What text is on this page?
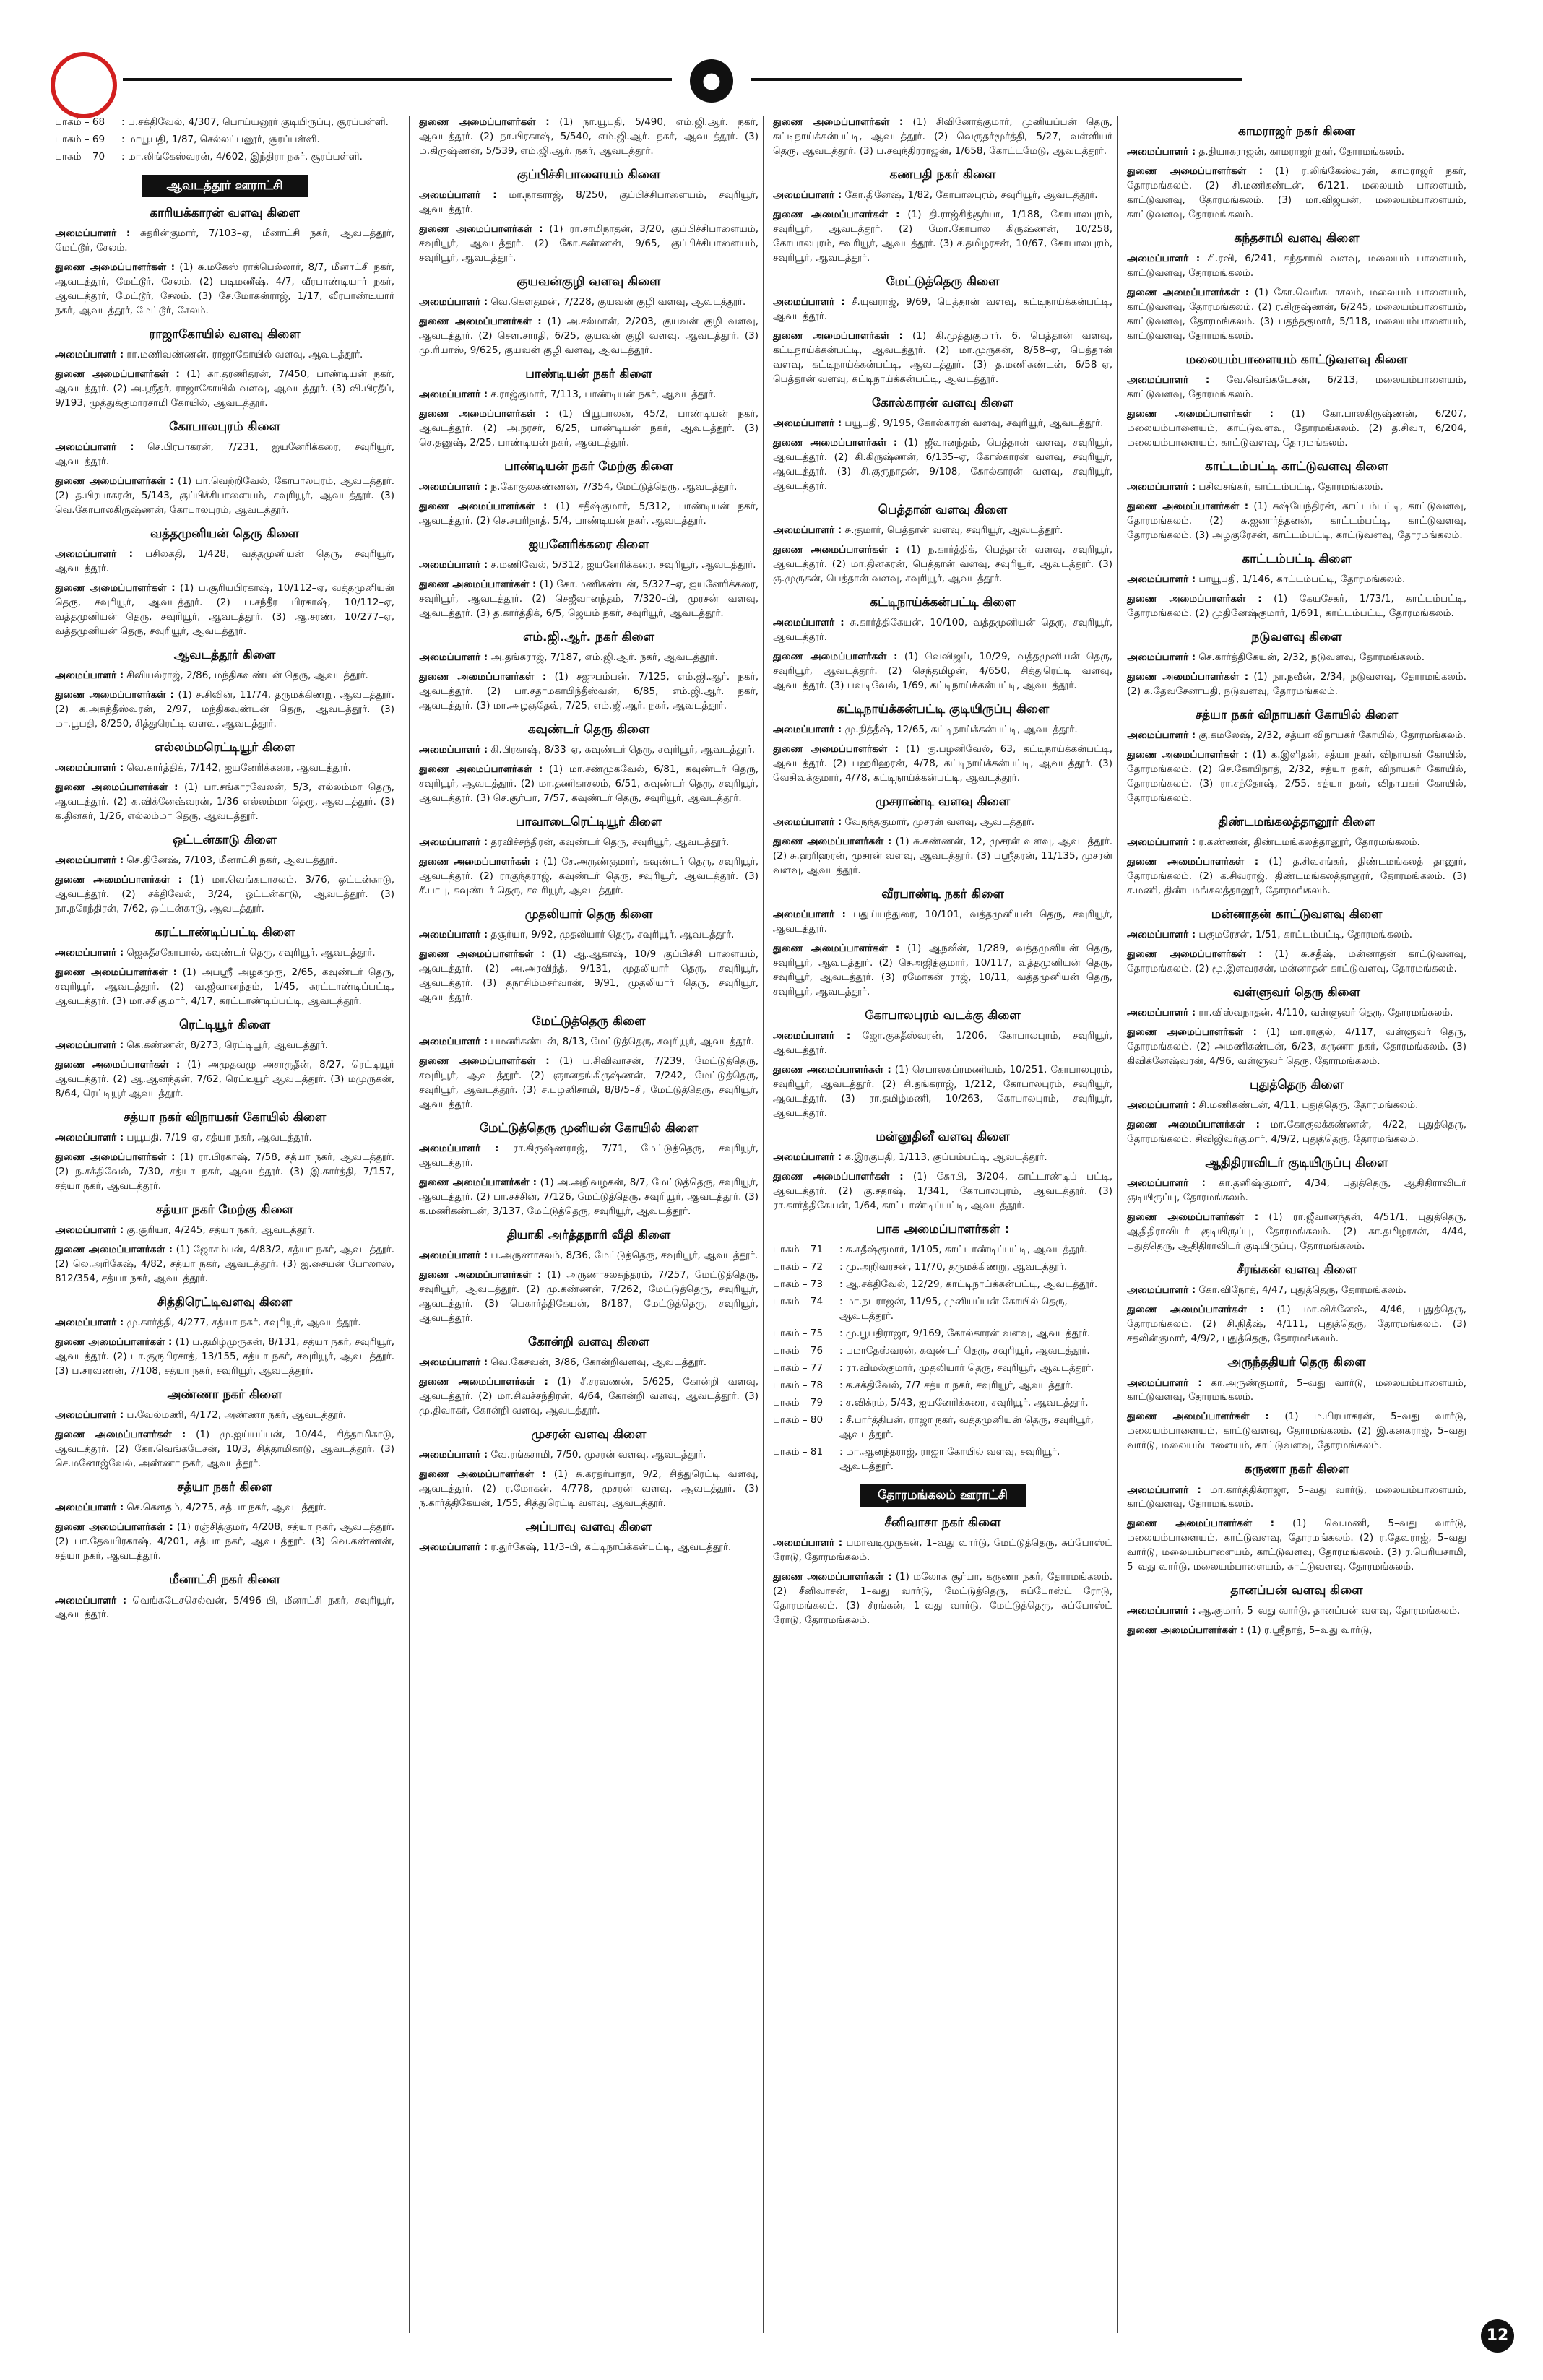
●
பாகம் – 68	: ப.சக்திவேல், 4/307, பொய்யனூர் குடியிருப்பு, சூரப்பள்ளி.
பாகம் – 69	: மாயூபதி, 1/87, செல்லப்பனூர், சூரப்பள்ளி.
பாகம் – 70	: மா.லிங்கேஸ்வரன், 4/602, இந்திரா நகர், சூரப்பள்ளி.
ஆவடத்தூர் ஊராட்சி
காரியக்காரன் வளவு கிளை

அமைப்பாளர் : சுதரின்குமார், 7/103–ஏ, மீனாட்சி நகர், ஆவடத்தூர், மேட்டூர், சேலம்.

துணை அமைப்பாளர்கள் : (1) சு.மகேஸ் ராக்பெல்லார், 8/7, மீனாட்சி நகர், ஆவடத்தூர், மேட்டூர், சேலம். (2) படிமணீஷ், 4/7, வீரபாண்டியார் நகர், ஆவடத்தூர், மேட்டூர், சேலம். (3) சே.மோகன்ராஜ், 1/17, வீரபாண்டியார் நகர், ஆவடத்தூர், மேட்டூர், சேலம்.

ராஜாகோயில் வளவு கிளை

அமைப்பாளர் : ரா.மணிவண்ணன், ராஜாகோயில் வளவு, ஆவடத்தூர்.

துணை அமைப்பாளர்கள் : (1) கா.தரணிதரன், 7/450, பாண்டியன் நகர், ஆவடத்தூர். (2) அ.ஸ்ரீதர், ராஜாகோயில் வளவு, ஆவடத்தூர். (3) வி.பிரதீப், 9/193, முத்துக்குமாரசாமி கோயில், ஆவடத்தூர்.

கோபாலபுரம் கிளை

அமைப்பாளர் : செ.பிரபாகரன், 7/231, ஐயனேரிக்கரை, சவுரியூர், ஆவடத்தூர்.

துணை அமைப்பாளர்கள் : (1) பா.வெற்றிவேல், கோபாலபுரம், ஆவடத்தூர். (2) த.பிரபாகரன், 5/143, குப்பிச்சிபாளையம், சவுரியூர், ஆவடத்தூர். (3) வெ.கோபாலகிருஷ்ணன், கோபாலபுரம், ஆவடத்தூர்.

வத்தமுனியன் தெரு கிளை

அமைப்பாளர் : பசிலகதி, 1/428, வத்தமுனியன் தெரு, சவுரியூர், ஆவடத்தூர்.

துணை அமைப்பாளர்கள் : (1) ப.சூரியபிரகாஷ், 10/112–ஏ, வத்தமுனியன் தெரு, சவுரியூர், ஆவடத்தூர். (2) ப.சந்தீர பிரகாஷ், 10/112–ஏ, வத்தமுனியன் தெரு, சவுரியூர், ஆவடத்தூர். (3) ஆ.சரண், 10/277–ஏ, வத்தமுனியன் தெரு, சவுரியூர், ஆவடத்தூர்.

ஆவடத்தூர் கிளை

அமைப்பாளர் : சிவியல்ராஜ், 2/86, மந்திகவுண்டன் தெரு, ஆவடத்தூர்.

துணை அமைப்பாளர்கள் : (1) ச.சிவின், 11/74, தருமக்கிணறு, ஆவடத்தூர். (2) க.அசுந்தீஸ்வரன், 2/97, மந்திகவுண்டன் தெரு, ஆவடத்தூர். (3) மா.பூபதி, 8/250, சித்துரெட்டி வளவு, ஆவடத்தூர்.

எல்லம்மரெட்டியூர் கிளை

அமைப்பாளர் : வெ.கார்த்திக், 7/142, ஐயனேரிக்கரை, ஆவடத்தூர்.

துணை அமைப்பாளர்கள் : (1) பா.சங்காரவேலன், 5/3, எல்லம்மா தெரு, ஆவடத்தூர். (2) க.விக்னேஷ்வரன், 1/36 எல்லம்மா தெரு, ஆவடத்தூர். (3) க.தினகர், 1/26, எல்லம்மா தெரு, ஆவடத்தூர்.

ஒட்டன்காடு கிளை

அமைப்பாளர் : செ.தினேஷ், 7/103, மீனாட்சி நகர், ஆவடத்தூர்.

துணை அமைப்பாளர்கள் : (1) மா.வெங்கடாசலம், 3/76, ஒட்டன்காடு, ஆவடத்தூர். (2) சக்திவேல், 3/24, ஒட்டன்காடு, ஆவடத்தூர். (3) நா.நரேந்திரன், 7/62, ஒட்டன்காடு, ஆவடத்தூர்.

கரட்டாண்டிப்பட்டி கிளை

அமைப்பாளர் : ஜெகதீசகோபால், கவுண்டர் தெரு, சவுரியூர், ஆவடத்தூர்.

துணை அமைப்பாளர்கள் : (1) அபஸ்ரீ அழகமுரு, 2/65, கவுண்டர் தெரு, சவுரியூர், ஆவடத்தூர். (2) வ.ஜீவானந்தம், 1/45, கரட்டாண்டிப்பட்டி, ஆவடத்தூர். (3) மா.சசிகுமார், 4/17, கரட்டாண்டிப்பட்டி, ஆவடத்தூர்.

ரெட்டியூர் கிளை

அமைப்பாளர் : கெ.கண்ணன், 8/273, ரெட்டியூர், ஆவடத்தூர்.

துணை அமைப்பாளர்கள் : (1) அமுதவழு அசாருதீன், 8/27, ரெட்டியூர் ஆவடத்தூர். (2) ஆ.ஆனந்தன், 7/62, ரெட்டியூர் ஆவடத்தூர். (3) மமுருகன், 8/64, ரெட்டியூர் ஆவடத்தூர்.

சத்யா நகர் விநாயகர் கோயில் கிளை

அமைப்பாளர் : பயூபதி, 7/19–ஏ, சத்யா நகர், ஆவடத்தூர்.

துணை அமைப்பாளர்கள் : (1) ரா.பிரகாஷ், 7/58, சத்யா நகர், ஆவடத்தூர். (2) ந.சக்திவேல், 7/30, சத்யா நகர், ஆவடத்தூர். (3) இ.கார்த்தி, 7/157, சத்யா நகர், ஆவடத்தூர்.

சத்யா நகர் மேற்கு கிளை

அமைப்பாளர் : கு.சூரியா, 4/245, சத்யா நகர், ஆவடத்தூர்.

துணை அமைப்பாளர்கள் : (1) ஜோசம்பன், 4/83/2, சத்யா நகர், ஆவடத்தூர். (2) லெ.அரிகேஷ், 4/82, சத்யா நகர், ஆவடத்தூர். (3) ஐ.சையன் போலாஸ், 812/354, சத்யா நகர், ஆவடத்தூர்.

சித்திரெட்டிவளவு கிளை

அமைப்பாளர் : மு.கார்த்தி, 4/277, சத்யா நகர், சவுரியூர், ஆவடத்தூர்.

துணை அமைப்பாளர்கள் : (1) ப.தமிழ்முருகன், 8/131, சத்யா நகர், சவுரியூர், ஆவடத்தூர். (2) பா.குருபிரசாத், 13/155, சத்யா நகர், சவுரியூர், ஆவடத்தூர். (3) ப.சரவணன், 7/108, சத்யா நகர், சவுரியூர், ஆவடத்தூர்.

அண்ணா நகர் கிளை

அமைப்பாளர் : ப.வேல்மணி, 4/172, அண்ணா நகர், ஆவடத்தூர்.

துணை அமைப்பாளர்கள் : (1) மு.ஐய்யப்பன், 10/44, சித்தாமிகாடு, ஆவடத்தூர். (2) கோ.வெங்கடேசன், 10/3, சித்தாமிகாடு, ஆவடத்தூர். (3) செ.மனோஜ்வேல், அண்ணா நகர், ஆவடத்தூர்.

சத்யா நகர் கிளை

அமைப்பாளர் : செ.கௌதம், 4/275, சத்யா நகர், ஆவடத்தூர்.

துணை அமைப்பாளர்கள் : (1) ரஞ்சித்குமர், 4/208, சத்யா நகர், ஆவடத்தூர். (2) பா.தேவபிரகாஷ், 4/201, சத்யா நகர், ஆவடத்தூர். (3) வெ.கண்ணன், சத்யா நகர், ஆவடத்தூர்.

மீனாட்சி நகர் கிளை

அமைப்பாளர் : வெங்கடேசசெல்வன், 5/496–பி, மீனாட்சி நகர், சவுரியூர், ஆவடத்தூர்.

துணை அமைப்பாளர்கள் : (1) நா.யூபதி, 5/490, எம்.ஜி.ஆர். நகர், ஆவடத்தூர். (2) நா.பிரகாஷ், 5/540, எம்.ஜி.ஆர். நகர், ஆவடத்தூர். (3) ம.கிருஷ்ணன், 5/539, எம்.ஜி.ஆர். நகர், ஆவடத்தூர்.

குப்பிச்சிபாளையம் கிளை

அமைப்பாளர் : மா.நாகராஜ், 8/250, குப்பிச்சிபாளையம், சவுரியூர், ஆவடத்தூர்.

துணை அமைப்பாளர்கள் : (1) ரா.சாமிநாதன், 3/20, குப்பிச்சிபாளையம், சவுரியூர், ஆவடத்தூர். (2) கோ.கண்ணன், 9/65, குப்பிச்சிபாளையம், சவுரியூர், ஆவடத்தூர்.

குயவன்குழி வளவு கிளை

அமைப்பாளர் : வெ.கௌதமன், 7/228, குயவன் குழி வளவு, ஆவடத்தூர்.

துணை அமைப்பாளர்கள் : (1) அ.சல்மான், 2/203, குயவன் குழி வளவு, ஆவடத்தூர். (2) செள.சாரதி, 6/25, குயவன் குழி வளவு, ஆவடத்தூர். (3) மு.ரியாஸ், 9/625, குயவன் குழி வளவு, ஆவடத்தூர்.

பாண்டியன் நகர் கிளை

அமைப்பாளர் : ச.ராஜ்குமார், 7/113, பாண்டியன் நகர், ஆவடத்தூர்.

துணை அமைப்பாளர்கள் : (1) பியூபாலன், 45/2, பாண்டியன் நகர், ஆவடத்தூர். (2) அ.நரசர், 6/25, பாண்டியன் நகர், ஆவடத்தூர். (3) செ.தனுஷ், 2/25, பாண்டியன் நகர், ஆவடத்தூர்.

பாண்டியன் நகர் மேற்கு கிளை

அமைப்பாளர் : ந.கோகுலகண்ணன், 7/354, மேட்டுத்தெரு, ஆவடத்தூர்.

துணை அமைப்பாளர்கள் : (1) சதீஷ்குமார், 5/312, பாண்டியன் நகர், ஆவடத்தூர். (2) செ.சபரிநாத், 5/4, பாண்டியன் நகர், ஆவடத்தூர்.

ஐயனேரிக்கரை கிளை

அமைப்பாளர் : ச.மணிவேல், 5/312, ஐயனேரிக்கரை, சவுரியூர், ஆவடத்தூர்.

துணை அமைப்பாளர்கள் : (1) கோ.மணிகண்டன், 5/327–ஏ, ஐயனேரிக்கரை, சவுரியூர், ஆவடத்தூர். (2) செஜீவானந்தம், 7/320–பி, முரசன் வளவு, ஆவடத்தூர். (3) த.கார்த்திக், 6/5, ஜெயம் நகர், சவுரியூர், ஆவடத்தூர்.

எம்.ஜி.ஆர். நகர் கிளை

அமைப்பாளர் : அ.தங்கராஜ், 7/187, எம்.ஜி.ஆர். நகர், ஆவடத்தூர்.

துணை அமைப்பாளர்கள் : (1) சஜுபம்பன், 7/125, எம்.ஜி.ஆர். நகர், ஆவடத்தூர். (2) பா.சதாமகாபிந்தீஸ்வன், 6/85, எம்.ஜி.ஆர். நகர், ஆவடத்தூர். (3) மா.அழகுதேவ், 7/25, எம்.ஜி.ஆர். நகர், ஆவடத்தூர்.

கவுண்டர் தெரு கிளை

அமைப்பாளர் : கி.பிரகாஷ், 8/33–ஏ, கவுண்டர் தெரு, சவுரியூர், ஆவடத்தூர்.

துணை அமைப்பாளர்கள் : (1) மா.சண்முகவேல், 6/81, கவுண்டர் தெரு, சவுரியூர், ஆவடத்தூர். (2) மா.தணிகாசலம், 6/51, கவுண்டர் தெரு, சவுரியூர், ஆவடத்தூர். (3) செ.சூர்யா, 7/57, கவுண்டர் தெரு, சவுரியூர், ஆவடத்தூர்.

பாவாடைரெட்டியூர் கிளை

அமைப்பாளர் : தரவிச்சந்திரன், கவுண்டர் தெரு, சவுரியூர், ஆவடத்தூர்.

துணை அமைப்பாளர்கள் : (1) சே.அருண்குமார், கவுண்டர் தெரு, சவுரியூர், ஆவடத்தூர். (2) ராகுந்தராஜ், கவுண்டர் தெரு, சவுரியூர், ஆவடத்தூர். (3) சீ.பாபு, கவுண்டர் தெரு, சவுரியூர், ஆவடத்தூர்.

முதலியார் தெரு கிளை

அமைப்பாளர் : தசூர்யா, 9/92, முதலியார் தெரு, சவுரியூர், ஆவடத்தூர்.

துணை அமைப்பாளர்கள் : (1) ஆ.ஆகாஷ், 10/9 குப்பிச்சி பாளையம், ஆவடத்தூர். (2) அ.அரவிந்த், 9/131, முதலியார் தெரு, சவுரியூர், ஆவடத்தூர். (3) தநாசிம்மசர்வான், 9/91, முதலியார் தெரு, சவுரியூர், ஆவடத்தூர்.

மேட்டுத்தெரு கிளை

அமைப்பாளர் : பமணிகண்டன், 8/13, மேட்டுத்தெரு, சவுரியூர், ஆவடத்தூர்.

துணை அமைப்பாளர்கள் : (1) ப.சிவிவாசன், 7/239, மேட்டுத்தெரு, சவுரியூர், ஆவடத்தூர். (2) ஞானதங்கிருஷ்ணன், 7/242, மேட்டுத்தெரு, சவுரியூர், ஆவடத்தூர். (3) ச.பழனிசாமி, 8/8/5–சி, மேட்டுத்தெரு, சவுரியூர், ஆவடத்தூர்.

மேட்டுத்தெரு முனியன் கோயில் கிளை

அமைப்பாளர் : ரா.கிருஷ்ணராஜ், 7/71, மேட்டுத்தெரு, சவுரியூர், ஆவடத்தூர்.

துணை அமைப்பாளர்கள் : (1) அ.அறிவழகன், 8/7, மேட்டுத்தெரு, சவுரியூர், ஆவடத்தூர். (2) பா.சச்சின், 7/126, மேட்டுத்தெரு, சவுரியூர், ஆவடத்தூர். (3) க.மணிகண்டன், 3/137, மேட்டுத்தெரு, சவுரியூர், ஆவடத்தூர்.

தியாகி அர்த்தநாரி வீதி கிளை

அமைப்பாளர் : ப.அருணாசலம், 8/36, மேட்டுத்தெரு, சவுரியூர், ஆவடத்தூர்.

துணை அமைப்பாளர்கள் : (1) அருணாசலசுந்தரம், 7/257, மேட்டுத்தெரு, சவுரியூர், ஆவடத்தூர். (2) மு.கண்ணன், 7/262, மேட்டுத்தெரு, சவுரியூர், ஆவடத்தூர். (3) பெகார்த்திகேயன், 8/187, மேட்டுத்தெரு, சவுரியூர், ஆவடத்தூர்.

கோன்றி வளவு கிளை

அமைப்பாளர் : வெ.கேசவன், 3/86, கோன்றிவளவு, ஆவடத்தூர்.

துணை அமைப்பாளர்கள் : (1) சீ.சரவணன், 5/625, கோன்றி வளவு, ஆவடத்தூர். (2) மா.சிவச்சந்திரன், 4/64, கோன்றி வளவு, ஆவடத்தூர். (3) மு.திவாகர், கோன்றி வளவு, ஆவடத்தூர்.

முசரன் வளவு கிளை

அமைப்பாளர் : வே.ரங்கசாமி, 7/50, முசரன் வளவு, ஆவடத்தூர்.

துணை அமைப்பாளர்கள் : (1) சு.கரதர்பாதா, 9/2, சித்துரெட்டி வளவு, ஆவடத்தூர். (2) ர.மோகன், 4/778, முசரன் வளவு, ஆவடத்தூர். (3) ந.கார்த்திகேயன், 1/55, சித்துரெட்டி வளவு, ஆவடத்தூர்.

அப்பாவு வளவு கிளை

அமைப்பாளர் : ர.துர்கேஷ், 11/3–பி, கட்டிநாய்க்கன்பட்டி, ஆவடத்தூர்.

துணை அமைப்பாளர்கள் : (1) சிவினோத்குமார், முனியப்பன் தெரு, கட்டிநாய்க்கன்பட்டி, ஆவடத்தூர். (2) வெருதர்மூர்த்தி, 5/27, வள்ளியர் தெரு, ஆவடத்தூர். (3) ப.சவுந்திரராஜன், 1/658, கோட்டமேடு, ஆவடத்தூர்.

கணபதி நகர் கிளை

அமைப்பாளர் : கோ.தினேஷ், 1/82, கோபாலபுரம், சவுரியூர், ஆவடத்தூர்.

துணை அமைப்பாளர்கள் : (1) தி.ராஜ்சித்சூர்யா, 1/188, கோபாலபுரம், சவுரியூர், ஆவடத்தூர். (2) மோ.கோபால கிருஷ்ணன், 10/258, கோபாலபுரம், சவுரியூர், ஆவடத்தூர். (3) ச.தமிழரசன், 10/67, கோபாலபுரம், சவுரியூர், ஆவடத்தூர்.

மேட்டுத்தெரு கிளை

அமைப்பாளர் : சீ.யுவராஜ், 9/69, பெத்தான் வளவு, கட்டிநாய்க்கன்பட்டி, ஆவடத்தூர்.

துணை அமைப்பாளர்கள் : (1) கி.முத்துகுமார், 6, பெத்தான் வளவு, கட்டிநாய்க்கன்பட்டி, ஆவடத்தூர். (2) மா.முருகன், 8/58–ஏ, பெத்தான் வளவு, கட்டிநாய்க்கன்பட்டி, ஆவடத்தூர். (3) த.மணிகண்டன், 6/58–ஏ, பெத்தான் வளவு, கட்டிநாய்க்கன்பட்டி, ஆவடத்தூர்.

கோல்காரன் வளவு கிளை

அமைப்பாளர் : பயூபதி, 9/195, கோல்காரன் வளவு, சவுரியூர், ஆவடத்தூர்.

துணை அமைப்பாளர்கள் : (1) ஜீவானந்தம், பெத்தான் வளவு, சவுரியூர், ஆவடத்தூர். (2) கி.கிருஷ்ணன், 6/135–ஏ, கோல்காரன் வளவு, சவுரியூர், ஆவடத்தூர். (3) சி.குருநாதன், 9/108, கோல்காரன் வளவு, சவுரியூர், ஆவடத்தூர்.

பெத்தான் வளவு கிளை

அமைப்பாளர் : சு.குமார், பெத்தான் வளவு, சவுரியூர், ஆவடத்தூர்.

துணை அமைப்பாளர்கள் : (1) ந.கார்த்திக், பெத்தான் வளவு, சவுரியூர், ஆவடத்தூர். (2) மா.தினகரன், பெத்தான் வளவு, சவுரியூர், ஆவடத்தூர். (3) கு.முருகன், பெத்தான் வளவு, சவுரியூர், ஆவடத்தூர்.

கட்டிநாய்க்கன்பட்டி கிளை

அமைப்பாளர் : சு.கார்த்திகேயன், 10/100, வத்தமுனியன் தெரு, சவுரியூர், ஆவடத்தூர்.

துணை அமைப்பாளர்கள் : (1) வெவிஜய், 10/29, வத்தமுனியன் தெரு, சவுரியூர், ஆவடத்தூர். (2) செந்தமிழன், 4/650, சித்துரெட்டி வளவு, ஆவடத்தூர். (3) பவடிவேல், 1/69, கட்டிநாய்க்கன்பட்டி, ஆவடத்தூர்.

கட்டிநாய்க்கன்பட்டி குடியிருப்பு கிளை

அமைப்பாளர் : மு.நித்தீஷ், 12/65, கட்டிநாய்க்கன்பட்டி, ஆவடத்தூர்.

துணை அமைப்பாளர்கள் : (1) கு.பழனிவேல், 63, கட்டிநாய்க்கன்பட்டி, ஆவடத்தூர். (2) பஹரிஹரன், 4/78, கட்டிநாய்க்கன்பட்டி, ஆவடத்தூர். (3) வேசிவக்குமார், 4/78, கட்டிநாய்க்கன்பட்டி, ஆவடத்தூர்.

முசராண்டி வளவு கிளை

அமைப்பாளர் : வேநந்தகுமார், முசரன் வளவு, ஆவடத்தூர்.

துணை அமைப்பாளர்கள் : (1) சு.கண்ணன், 12, முசரன் வளவு, ஆவடத்தூர். (2) சு.ஹரிஹரன், முசரன் வளவு, ஆவடத்தூர். (3) பஸ்ரீதரன், 11/135, முசரன் வளவு, ஆவடத்தூர்.

வீரபாண்டி நகர் கிளை

அமைப்பாளர் : பதுய்யந்துரை, 10/101, வத்தமுனியன் தெரு, சவுரியூர், ஆவடத்தூர்.

துணை அமைப்பாளர்கள் : (1) ஆநவீன், 1/289, வத்தமுனியன் தெரு, சவுரியூர், ஆவடத்தூர். (2) செஅஜித்குமார், 10/117, வத்தமுனியன் தெரு, சவுரியூர், ஆவடத்தூர். (3) ரமோகன் ராஜ், 10/11, வத்தமுனியன் தெரு, சவுரியூர், ஆவடத்தூர்.

கோபாலபுரம் வடக்கு கிளை

அமைப்பாளர் : ஜோ.குகதீஸ்வரன், 1/206, கோபாலபுரம், சவுரியூர், ஆவடத்தூர்.

துணை அமைப்பாளர்கள் : (1) செபாலகப்ரமணியம், 10/251, கோபாலபுரம், சவுரியூர், ஆவடத்தூர். (2) சி.தங்கராஜ், 1/212, கோபாலபுரம், சவுரியூர், ஆவடத்தூர். (3) ரா.தமிழ்மணி, 10/263, கோபாலபுரம், சவுரியூர், ஆவடத்தூர்.

மன்னுதினீ வளவு கிளை

அமைப்பாளர் : க.இரகுபதி, 1/113, குப்பம்பட்டி, ஆவடத்தூர்.

துணை அமைப்பாளர்கள் : (1) கோபி, 3/204, காட்டாண்டிப் பட்டி, ஆவடத்தூர். (2) கு.சதாஷ், 1/341, கோபாலபுரம், ஆவடத்தூர். (3) ரா.கார்த்திகேயன், 1/64, காட்டாண்டிப்பட்டி, ஆவடத்தூர்.

பாக அமைப்பாளர்கள் :
பாகம் – 71	: க.சதீஷ்குமார், 1/105, காட்டாண்டிப்பட்டி, ஆவடத்தூர்.
பாகம் – 72	: மு.அறிவரசன், 11/70, தருமக்கிணறு, ஆவடத்தூர்.
பாகம் – 73	: ஆ.சக்திவேல், 12/29, காட்டிநாய்க்கன்பட்டி, ஆவடத்தூர்.
பாகம் – 74	: மா.நடராஜன், 11/95, முனியப்பன் கோயில் தெரு, ஆவடத்தூர்.
பாகம் – 75	: மு.பூபதிராஜா, 9/169, கோல்காரன் வளவு, ஆவடத்தூர்.
பாகம் – 76	: பமாதேஸ்வரன், கவுண்டர் தெரு, சவுரியூர், ஆவடத்தூர்.
பாகம் – 77	: ரா.விமல்குமார், முதலியார் தெரு, சவுரியூர், ஆவடத்தூர்.
பாகம் – 78	: க.சக்திவேல், 7/7 சத்யா நகர், சவுரியூர், ஆவடத்தூர்.
பாகம் – 79	: ச.விக்ரம், 5/43, ஐயனேரிக்கரை, சவுரியூர், ஆவடத்தூர்.
பாகம் – 80	: சீ.பார்த்திபன், ராஜா நகர், வத்தமுனியன் தெரு, சவுரியூர், ஆவடத்தூர்.
பாகம் – 81	: மா.ஆனந்தராஜ், ராஜா கோயில் வளவு, சவுரியூர், ஆவடத்தூர்.
தோரமங்கலம் ஊராட்சி
சீனிவாசா நகர் கிளை

அமைப்பாளர் : பமாவடிமுருகன், 1–வது வார்டு, மேட்டுத்தெரு, சுப்போஸ்ட் ரோடு, தோரமங்கலம்.

துணை அமைப்பாளர்கள் : (1) மலோக சூர்யா, கருணா நகர், தோரமங்கலம். (2) சீனிவாசன், 1–வது வார்டு, மேட்டுத்தெரு, சுப்போஸ்ட் ரோடு, தோரமங்கலம். (3) சீரங்கன், 1–வது வார்டு, மேட்டுத்தெரு, சுப்போஸ்ட் ரோடு, தோரமங்கலம்.

காமராஜர் நகர் கிளை

அமைப்பாளர் : த.தியாகராஜன், காமராஜர் நகர், தோரமங்கலம்.

துணை அமைப்பாளர்கள் : (1) ர.லிங்கேஸ்வரன், காமராஜர் நகர், தோரமங்கலம். (2) சி.மணிகண்டன், 6/121, மலையம் பாளையம், காட்டுவளவு, தோரமங்கலம். (3) மா.விஜயன், மலையம்பாளையம், காட்டுவளவு, தோரமங்கலம்.

கந்தசாமி வளவு கிளை

அமைப்பாளர் : சி.ரவி, 6/241, கந்தசாமி வளவு, மலையம் பாளையம், காட்டுவளவு, தோரமங்கலம்.

துணை அமைப்பாளர்கள் : (1) கோ.வெங்கடாசலம், மலையம் பாளையம், காட்டுவளவு, தோரமங்கலம். (2) ர.கிருஷ்ணன், 6/245, மலையம்பாளையம், காட்டுவளவு, தோரமங்கலம். (3) பதந்தகுமார், 5/118, மலையம்பாளையம், காட்டுவளவு, தோரமங்கலம்.

மலையம்பாளையம் காட்டுவளவு கிளை

அமைப்பாளர் : வே.வெங்கடேசன், 6/213, மலையம்பாளையம், காட்டுவளவு, தோரமங்கலம்.

துணை அமைப்பாளர்கள் : (1) கோ.பாலகிருஷ்ணன், 6/207, மலையம்பாளையம், காட்டுவளவு, தோரமங்கலம். (2) த.சிவா, 6/204, மலையம்பாளையம், காட்டுவளவு, தோரமங்கலம்.

காட்டம்பட்டி காட்டுவளவு கிளை

அமைப்பாளர் : பசிவசங்கர், காட்டம்பட்டி, தோரமங்கலம்.

துணை அமைப்பாளர்கள் : (1) சுஷ்யேந்திரன், காட்டம்பட்டி, காட்டுவளவு, தோரமங்கலம். (2) சு.ஜனார்த்தனன், காட்டம்பட்டி, காட்டுவளவு, தோரமங்கலம். (3) அழகுரேசன், காட்டம்பட்டி, காட்டுவளவு, தோரமங்கலம்.

காட்டம்பட்டி கிளை

அமைப்பாளர் : பாயூபதி, 1/146, காட்டம்பட்டி, தோரமங்கலம்.

துணை அமைப்பாளர்கள் : (1) கேயசேகர், 1/73/1, காட்டம்பட்டி, தோரமங்கலம். (2) முதினேஷ்குமார், 1/691, காட்டம்பட்டி, தோரமங்கலம்.

நடுவளவு கிளை

அமைப்பாளர் : செ.கார்த்திகேயன், 2/32, நடுவளவு, தோரமங்கலம்.

துணை அமைப்பாளர்கள் : (1) நா.நவீன், 2/34, நடுவளவு, தோரமங்கலம். (2) க.தேவசேனாபதி, நடுவளவு, தோரமங்கலம்.

சத்யா நகர் விநாயகர் கோயில் கிளை

அமைப்பாளர் : கு.கமலேஷ், 2/32, சத்யா விநாயகர் கோயில், தோரமங்கலம்.

துணை அமைப்பாளர்கள் : (1) க.இளிதன், சத்யா நகர், விநாயகர் கோயில், தோரமங்கலம். (2) செ.கோபிநாத், 2/32, சத்யா நகர், விநாயகர் கோயில், தோரமங்கலம். (3) ரா.சந்தோஷ், 2/55, சத்யா நகர், விநாயகர் கோயில், தோரமங்கலம்.

திண்டமங்கலத்தானூர் கிளை

அமைப்பாளர் : ர.கண்ணன், திண்டமங்கலத்தானூர், தோரமங்கலம்.

துணை அமைப்பாளர்கள் : (1) த.சிவசங்கர், திண்டமங்கலத் தானூர், தோரமங்கலம். (2) க.சிவராஜ், திண்டமங்கலத்தானூர், தோரமங்கலம். (3) ச.மணி, திண்டமங்கலத்தானூர், தோரமங்கலம்.

மன்னாதன் காட்டுவளவு கிளை

அமைப்பாளர் : பகுமரேசன், 1/51, காட்டம்பட்டி, தோரமங்கலம்.

துணை அமைப்பாளர்கள் : (1) சு.சதீஷ், மன்னாதன் காட்டுவளவு, தோரமங்கலம். (2) மூ.இளவரசன், மன்னாதன் காட்டுவளவு, தோரமங்கலம்.

வள்ளுவர் தெரு கிளை

அமைப்பாளர் : ரா.விஸ்வநாதன், 4/110, வள்ளுவர் தெரு, தோரமங்கலம்.

துணை அமைப்பாளர்கள் : (1) மா.ராகுல், 4/117, வள்ளுவர் தெரு, தோரமங்கலம். (2) அமணிகண்டன், 6/23, கருணா நகர், தோரமங்கலம். (3) கிவிக்னேஷ்வரன், 4/96, வள்ளுவர் தெரு, தோரமங்கலம்.

புதுத்தெரு கிளை

அமைப்பாளர் : சி.மணிகண்டன், 4/11, புதுத்தெரு, தோரமங்கலம்.

துணை அமைப்பாளர்கள் : மா.கோகுலக்கண்ணன், 4/22, புதுத்தெரு, தோரமங்கலம். சிவிஜிவர்குமார், 4/9/2, புதுத்தெரு, தோரமங்கலம்.

ஆதிதிராவிடர் குடியிருப்பு கிளை

அமைப்பாளர் : கா.தனிஷ்குமார், 4/34, புதுத்தெரு, ஆதிதிராவிடர் குடியிருப்பு, தோரமங்கலம்.

துணை அமைப்பாளர்கள் : (1) ரா.ஜீவானந்தன், 4/51/1, புதுத்தெரு, ஆதிதிராவிடர் குடியிருப்பு, தோரமங்கலம். (2) கா.தமிழரசன், 4/44, புதுத்தெரு, ஆதிதிராவிடர் குடியிருப்பு, தோரமங்கலம்.

சீரங்கன் வளவு கிளை

அமைப்பாளர் : கோ.விநோத், 4/47, புதுத்தெரு, தோரமங்கலம்.

துணை அமைப்பாளர்கள் : (1) மா.விக்னேஷ், 4/46, புதுத்தெரு, தோரமங்கலம். (2) சி.நிதீஷ், 4/111, புதுத்தெரு, தோரமங்கலம். (3) சதலின்குமார், 4/9/2, புதுத்தெரு, தோரமங்கலம்.

அருந்ததியர் தெரு கிளை

அமைப்பாளர் : கா.அருண்குமார், 5–வது வார்டு, மலையம்பாளையம், காட்டுவளவு, தோரமங்கலம்.

துணை அமைப்பாளர்கள் : (1) ம.பிரபாகரன், 5–வது வார்டு, மலையம்பாளையம், காட்டுவளவு, தோரமங்கலம். (2) இ.கனகராஜ், 5–வது வார்டு, மலையம்பாளையம், காட்டுவளவு, தோரமங்கலம்.

கருணா நகர் கிளை

அமைப்பாளர் : மா.கார்த்திக்ராஜா, 5–வது வார்டு, மலையம்பாளையம், காட்டுவளவு, தோரமங்கலம்.

துணை அமைப்பாளர்கள் : (1) வெ.மணி, 5–வது வார்டு, மலையம்பாளையம், காட்டுவளவு, தோரமங்கலம். (2) ர.தேவராஜ், 5–வது வார்டு, மலையம்பாளையம், காட்டுவளவு, தோரமங்கலம். (3) ர.பெரியசாமி, 5–வது வார்டு, மலையம்பாளையம், காட்டுவளவு, தோரமங்கலம்.

தானப்பன் வளவு கிளை

அமைப்பாளர் : ஆ.குமார், 5–வது வார்டு, தானப்பன் வளவு, தோரமங்கலம்.

துணை அமைப்பாளர்கள் : (1) ர.ஸ்ரீநாத், 5–வது வார்டு,

12
